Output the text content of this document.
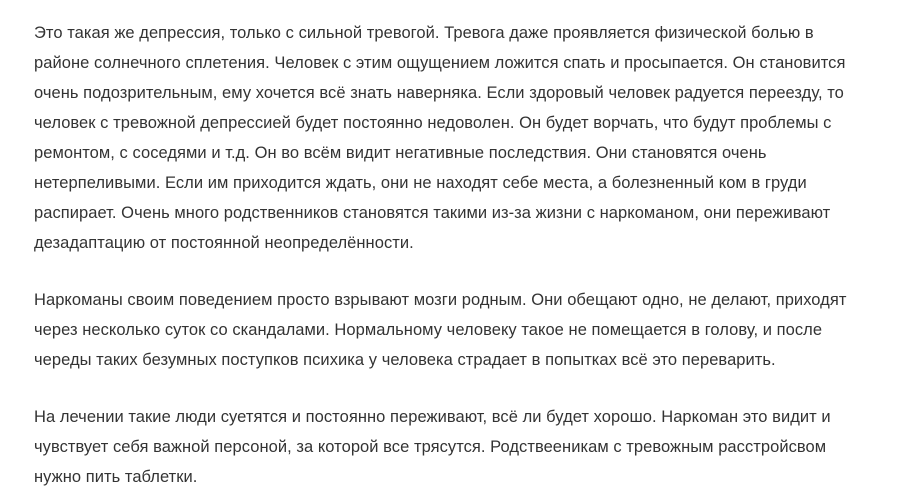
Это такая же депрессия, только с сильной тревогой. Тревога даже проявляется физической болью в районе солнечного сплетения. Человек с этим ощущением ложится спать и просыпается. Он становится очень подозрительным, ему хочется всё знать наверняка. Если здоровый человек радуется переезду, то человек с тревожной депрессией будет постоянно недоволен. Он будет ворчать, что будут проблемы с ремонтом, с соседями и т.д. Он во всём видит негативные последствия. Они становятся очень нетерпеливыми. Если им приходится ждать, они не находят себе места, а болезненный ком в груди распирает. Очень много родственников становятся такими из-за жизни с наркоманом, они переживают дезадаптацию от постоянной неопределённости.

Наркоманы своим поведением просто взрывают мозги родным. Они обещают одно, не делают, приходят через несколько суток со скандалами. Нормальному человеку такое не помещается в голову, и после череды таких безумных поступков психика у человека страдает в попытках всё это переварить.

На лечении такие люди суетятся и постоянно переживают, всё ли будет хорошо. Наркоман это видит и чувствует себя важной персоной, за которой все трясутся. Родствееникам с тревожным расстройсвом нужно пить таблетки.
